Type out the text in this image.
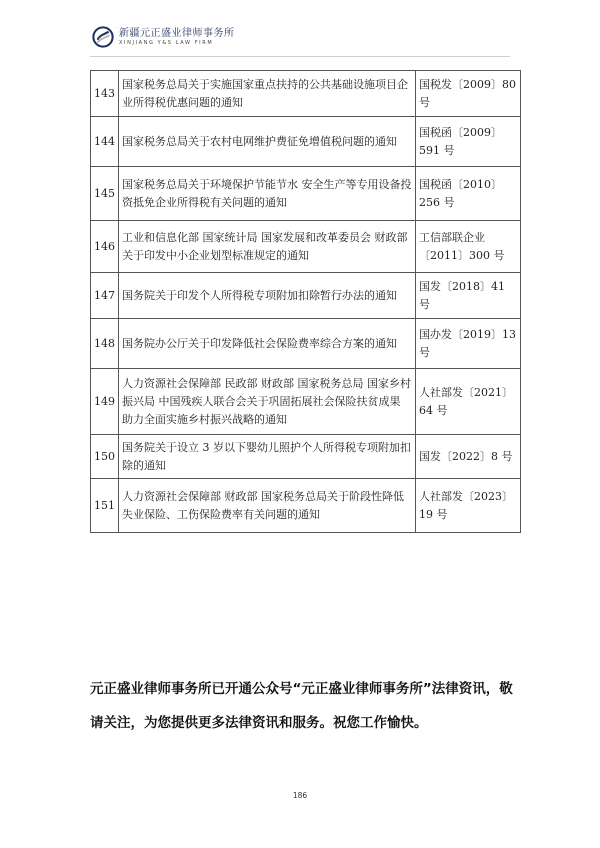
新疆元正盛业律师事务所
XINJIANG Y&S LAW FIRM
143	国家税务总局关于实施国家重点扶持的公共基础设施项目企业所得税优惠问题的通知	国税发〔2009〕80 号
144	国家税务总局关于农村电网维护费征免增值税问题的通知	国税函〔2009〕591 号
145	国家税务总局关于环境保护节能节水 安全生产等专用设备投资抵免企业所得税有关问题的通知	国税函〔2010〕256 号
146	工业和信息化部 国家统计局 国家发展和改革委员会 财政部关于印发中小企业划型标准规定的通知	工信部联企业〔2011〕300 号
147	国务院关于印发个人所得税专项附加扣除暂行办法的通知	国发〔2018〕41 号
148	国务院办公厅关于印发降低社会保险费率综合方案的通知	国办发〔2019〕13 号
149	人力资源社会保障部 民政部 财政部 国家税务总局 国家乡村振兴局 中国残疾人联合会关于巩固拓展社会保险扶贫成果 助力全面实施乡村振兴战略的通知	人社部发〔2021〕64 号
150	国务院关于设立 3 岁以下婴幼儿照护个人所得税专项附加扣除的通知	国发〔2022〕8 号
151	人力资源社会保障部 财政部 国家税务总局关于阶段性降低失业保险、工伤保险费率有关问题的通知	人社部发〔2023〕19 号
元正盛业律师事务所已开通公众号“元正盛业律师事务所”法律资讯，敬请关注，为您提供更多法律资讯和服务。祝您工作愉快。
186
